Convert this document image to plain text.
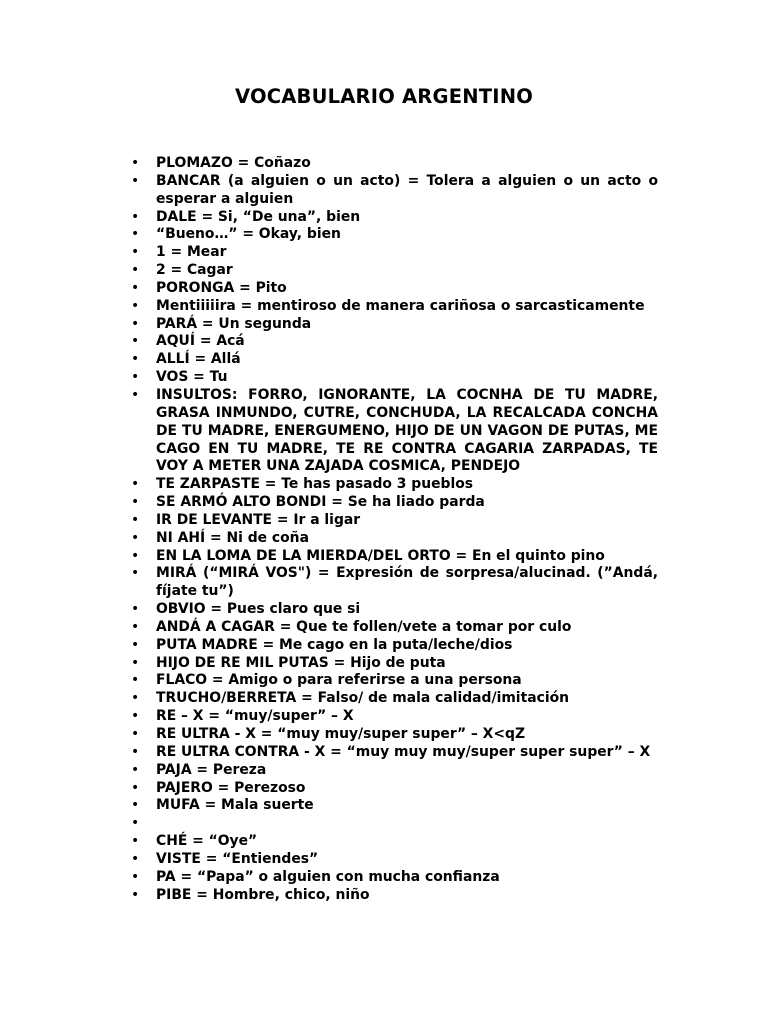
VOCABULARIO ARGENTINO
• PLOMAZO = Coñazo
• BANCAR (a alguien o un acto) = Tolera a alguien o un acto o esperar a alguien
• DALE = Si, “De una”, bien
• “Bueno…” = Okay, bien
• 1 = Mear
• 2 = Cagar
• PORONGA = Pito
• Mentiiiiira = mentiroso de manera cariñosa o sarcasticamente
• PARÁ = Un segunda
• AQUÍ = Acá
• ALLÍ = Allá
• VOS = Tu
• INSULTOS: FORRO, IGNORANTE, LA COCNHA DE TU MADRE, GRASA INMUNDO, CUTRE, CONCHUDA, LA RECALCADA CONCHA DE TU MADRE, ENERGUMENO, HIJO DE UN VAGON DE PUTAS, ME CAGO EN TU MADRE, TE RE CONTRA CAGARIA ZARPADAS, TE VOY A METER UNA ZAJADA COSMICA, PENDEJO
• TE ZARPASTE = Te has pasado 3 pueblos
• SE ARMÓ ALTO BONDI = Se ha liado parda
• IR DE LEVANTE = Ir a ligar
• NI AHÍ = Ni de coña
• EN LA LOMA DE LA MIERDA/DEL ORTO = En el quinto pino
• MIRÁ (“MIRÁ VOS") = Expresión de sorpresa/alucinad. (”Andá, fíjate tu”)
• OBVIO = Pues claro que si
• ANDÁ A CAGAR = Que te follen/vete a tomar por culo
• PUTA MADRE = Me cago en la puta/leche/dios
• HIJO DE RE MIL PUTAS = Hijo de puta
• FLACO = Amigo o para referirse a una persona
• TRUCHO/BERRETA = Falso/ de mala calidad/imitación
• RE – X = “muy/super” – X
• RE ULTRA - X = “muy muy/super super” – X<qZ
• RE ULTRA CONTRA - X = “muy muy muy/super super super” – X
• PAJA = Pereza
• PAJERO = Perezoso
• MUFA = Mala suerte
•
• CHÉ = “Oye”
• VISTE = “Entiendes”
• PA = “Papa” o alguien con mucha confianza
• PIBE = Hombre, chico, niño
